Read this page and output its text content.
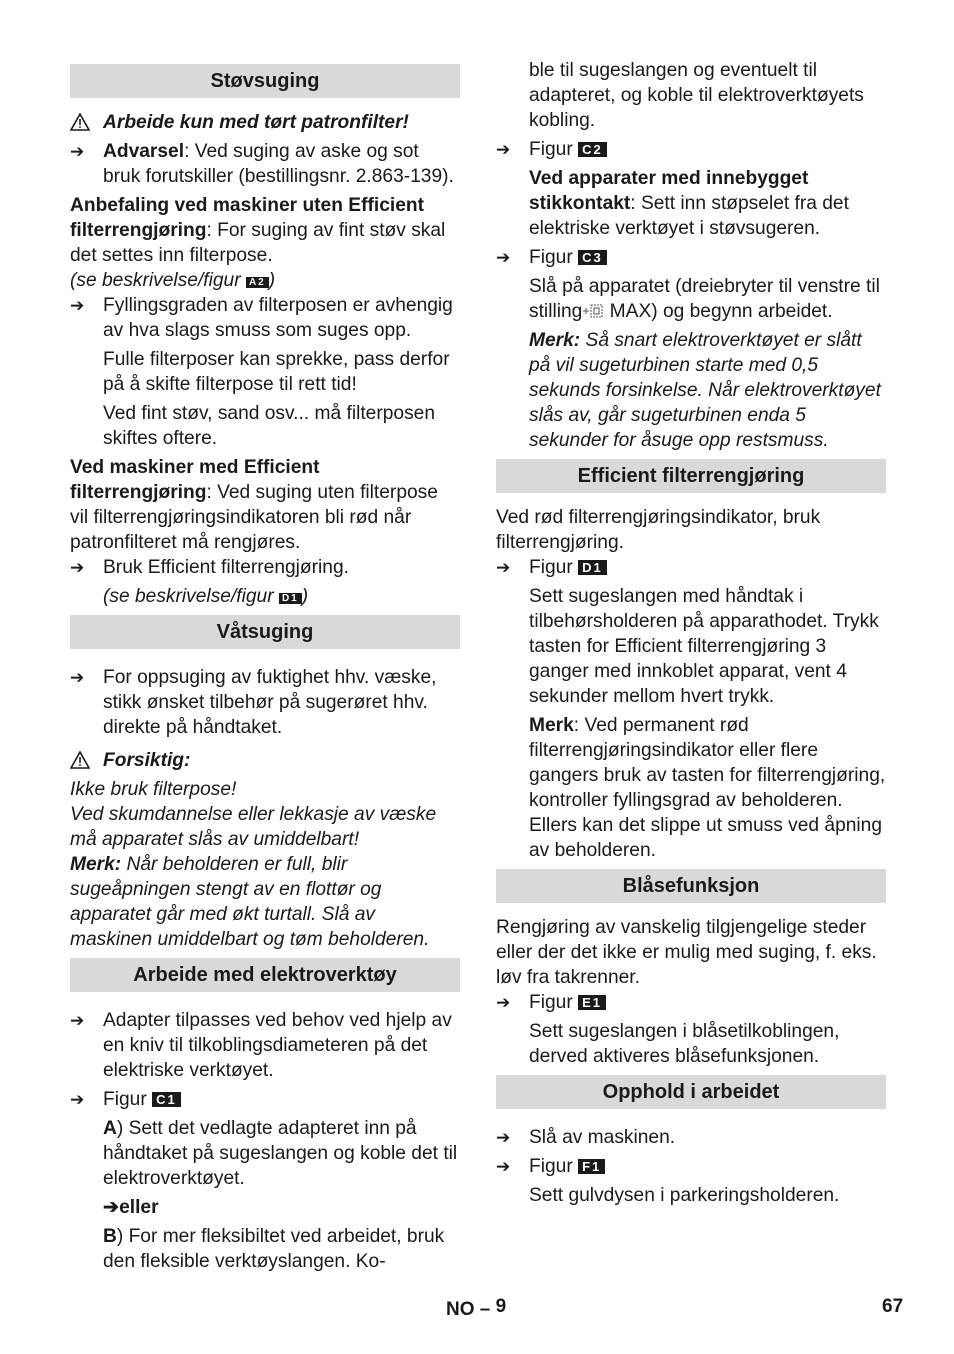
Støvsuging

Arbeide kun med tørt patronfilter!

➔ Advarsel: Ved suging av aske og sot bruk forutskiller (bestillingsnr. 2.863-139).

Anbefaling ved maskiner uten Efficient filterrengjøring: For suging av fint støv skal det settes inn filterpose.

(se beskrivelse/figur A2 )

➔ Fyllingsgraden av filterposen er avhengig av hva slags smuss som suges opp.

Fulle filterposer kan sprekke, pass derfor på å skifte filterpose til rett tid!

Ved fint støv, sand osv... må filterposen skiftes oftere.

Ved maskiner med Efficient filterrengjøring: Ved suging uten filterpose vil filterrengjøringsindikatoren bli rød når patronfilteret må rengjøres.

➔ Bruk Efficient filterrengjøring.

(se beskrivelse/figur D1 )

Våtsuging

➔ For oppsuging av fuktighet hhv. væske, stikk ønsket tilbehør på sugerøret hhv. direkte på håndtaket.

Forsiktig:

Ikke bruk filterpose!

Ved skumdannelse eller lekkasje av væske må apparatet slås av umiddelbart!

Merk: Når beholderen er full, blir sugeåpningen stengt av en flottør og apparatet går med økt turtall. Slå av maskinen umiddelbart og tøm beholderen.

Arbeide med elektroverktøy

➔ Adapter tilpasses ved behov ved hjelp av en kniv til tilkoblingsdiameteren på det elektriske verktøyet.

➔ Figur C1

A) Sett det vedlagte adapteret inn på håndtaket på sugeslangen og koble det til elektroverktøyet.

➔eller

B) For mer fleksibiltet ved arbeidet, bruk den fleksible verktøyslangen. Ko-

ble til sugeslangen og eventuelt til adapteret, og koble til elektroverktøyets kobling.

➔ Figur C2

Ved apparater med innebygget stikkontakt: Sett inn støpselet fra det elektriske verktøyet i støvsugeren.

➔ Figur C3

Slå på apparatet (dreiebryter til venstre til stilling MAX) og begynn arbeidet.

Merk: Så snart elektroverktøyet er slått på vil sugeturbinen starte med 0,5 sekunds forsinkelse. Når elektroverktøyet slås av, går sugeturbinen enda 5 sekunder for åsuge opp restsmuss.

Efficient filterrengjøring

Ved rød filterrengjøringsindikator, bruk filterrengjøring.

➔ Figur D1

Sett sugeslangen med håndtak i tilbehørsholderen på apparathodet. Trykk tasten for Efficient filterrengjøring 3 ganger med innkoblet apparat, vent 4 sekunder mellom hvert trykk.

Merk: Ved permanent rød filterrengjøringsindikator eller flere gangers bruk av tasten for filterrengjøring, kontroller fyllingsgrad av beholderen. Ellers kan det slippe ut smuss ved åpning av beholderen.

Blåsefunksjon

Rengjøring av vanskelig tilgjengelige steder eller der det ikke er mulig med suging, f. eks. løv fra takrenner.

➔ Figur E1

Sett sugeslangen i blåsetilkoblingen, derved aktiveres blåsefunksjonen.

Opphold i arbeidet

➔ Slå av maskinen.

➔ Figur F1

Sett gulvdysen i parkeringsholderen.

NO – 9	67
